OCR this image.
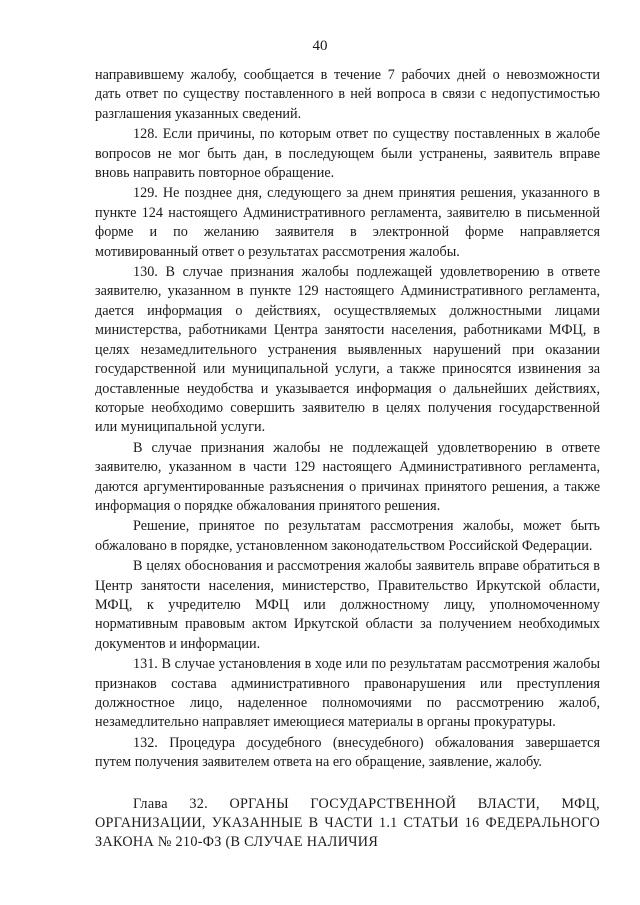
40

направившему жалобу, сообщается в течение 7 рабочих дней о невозможности дать ответ по существу поставленного в ней вопроса в связи с недопустимостью разглашения указанных сведений.

128. Если причины, по которым ответ по существу поставленных в жалобе вопросов не мог быть дан, в последующем были устранены, заявитель вправе вновь направить повторное обращение.

129. Не позднее дня, следующего за днем принятия решения, указанного в пункте 124 настоящего Административного регламента, заявителю в письменной форме и по желанию заявителя в электронной форме направляется мотивированный ответ о результатах рассмотрения жалобы.

130. В случае признания жалобы подлежащей удовлетворению в ответе заявителю, указанном в пункте 129 настоящего Административного регламента, дается информация о действиях, осуществляемых должностными лицами министерства, работниками Центра занятости населения, работниками МФЦ, в целях незамедлительного устранения выявленных нарушений при оказании государственной или муниципальной услуги, а также приносятся извинения за доставленные неудобства и указывается информация о дальнейших действиях, которые необходимо совершить заявителю в целях получения государственной или муниципальной услуги.

В случае признания жалобы не подлежащей удовлетворению в ответе заявителю, указанном в части 129 настоящего Административного регламента, даются аргументированные разъяснения о причинах принятого решения, а также информация о порядке обжалования принятого решения.

Решение, принятое по результатам рассмотрения жалобы, может быть обжаловано в порядке, установленном законодательством Российской Федерации.

В целях обоснования и рассмотрения жалобы заявитель вправе обратиться в Центр занятости населения, министерство, Правительство Иркутской области, МФЦ, к учредителю МФЦ или должностному лицу, уполномоченному нормативным правовым актом Иркутской области за получением необходимых документов и информации.

131. В случае установления в ходе или по результатам рассмотрения жалобы признаков состава административного правонарушения или преступления должностное лицо, наделенное полномочиями по рассмотрению жалоб, незамедлительно направляет имеющиеся материалы в органы прокуратуры.

132. Процедура досудебного (внесудебного) обжалования завершается путем получения заявителем ответа на его обращение, заявление, жалобу.

Глава 32. ОРГАНЫ ГОСУДАРСТВЕННОЙ ВЛАСТИ, МФЦ, ОРГАНИЗАЦИИ, УКАЗАННЫЕ В ЧАСТИ 1.1 СТАТЬИ 16 ФЕДЕРАЛЬНОГО ЗАКОНА № 210-ФЗ (В СЛУЧАЕ НАЛИЧИЯ
